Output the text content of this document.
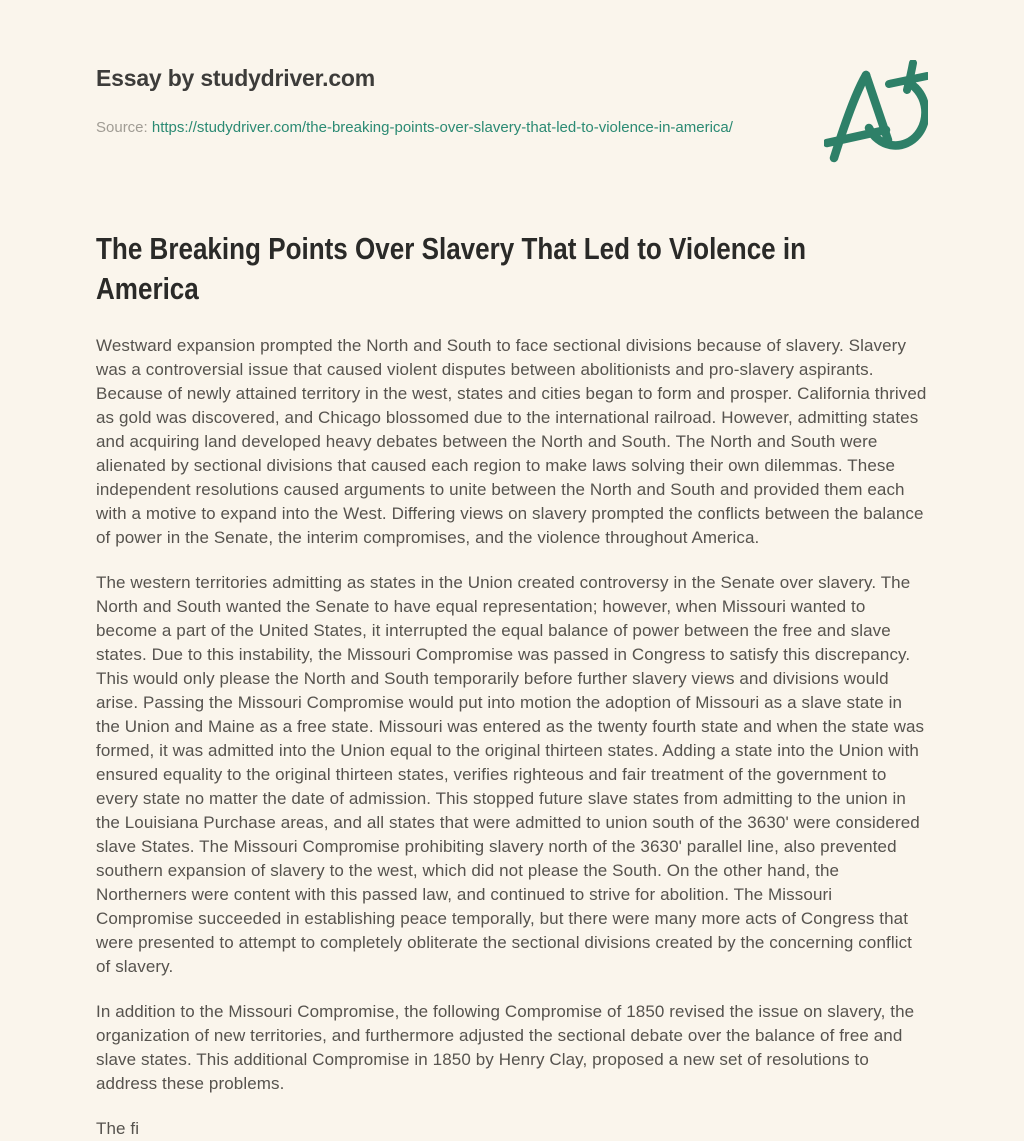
Essay by studydriver.com

Source: https://studydriver.com/the-breaking-points-over-slavery-that-led-to-violence-in-america/

The Breaking Points Over Slavery That Led to Violence in America

Westward expansion prompted the North and South to face sectional divisions because of slavery. Slavery was a controversial issue that caused violent disputes between abolitionists and pro-slavery aspirants. Because of newly attained territory in the west, states and cities began to form and prosper. California thrived as gold was discovered, and Chicago blossomed due to the international railroad. However, admitting states and acquiring land developed heavy debates between the North and South. The North and South were alienated by sectional divisions that caused each region to make laws solving their own dilemmas. These independent resolutions caused arguments to unite between the North and South and provided them each with a motive to expand into the West. Differing views on slavery prompted the conflicts between the balance of power in the Senate, the interim compromises, and the violence throughout America.

The western territories admitting as states in the Union created controversy in the Senate over slavery. The North and South wanted the Senate to have equal representation; however, when Missouri wanted to become a part of the United States, it interrupted the equal balance of power between the free and slave states. Due to this instability, the Missouri Compromise was passed in Congress to satisfy this discrepancy. This would only please the North and South temporarily before further slavery views and divisions would arise. Passing the Missouri Compromise would put into motion the adoption of Missouri as a slave state in the Union and Maine as a free state. Missouri was entered as the twenty fourth state and when the state was formed, it was admitted into the Union equal to the original thirteen states. Adding a state into the Union with ensured equality to the original thirteen states, verifies righteous and fair treatment of the government to every state no matter the date of admission. This stopped future slave states from admitting to the union in the Louisiana Purchase areas, and all states that were admitted to union south of the 3630' were considered slave States. The Missouri Compromise prohibiting slavery north of the 3630' parallel line, also prevented southern expansion of slavery to the west, which did not please the South. On the other hand, the Northerners were content with this passed law, and continued to strive for abolition. The Missouri Compromise succeeded in establishing peace temporally, but there were many more acts of Congress that were presented to attempt to completely obliterate the sectional divisions created by the concerning conflict of slavery.

In addition to the Missouri Compromise, the following Compromise of 1850 revised the issue on slavery, the organization of new territories, and furthermore adjusted the sectional debate over the balance of free and slave states. This additional Compromise in 1850 by Henry Clay, proposed a new set of resolutions to address these problems.

The fi
